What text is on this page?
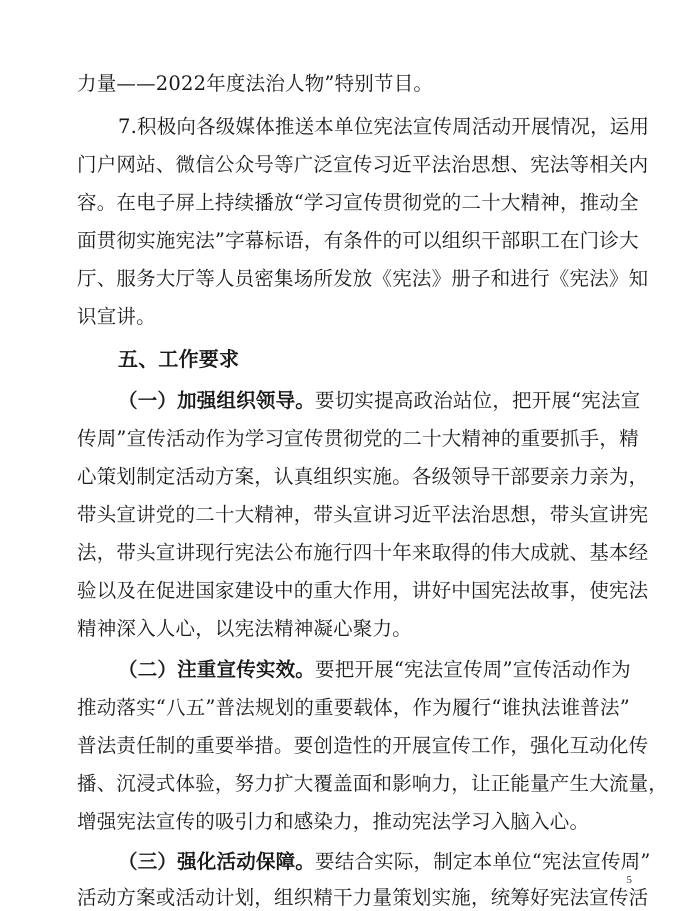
力量——2022年度法治人物”特别节目。
7.积极向各级媒体推送本单位宪法宣传周活动开展情况，运用
门户网站、微信公众号等广泛宣传习近平法治思想、宪法等相关内
容。在电子屏上持续播放“学习宣传贯彻党的二十大精神，推动全
面贯彻实施宪法”字幕标语，有条件的可以组织干部职工在门诊大
厅、服务大厅等人员密集场所发放《宪法》册子和进行《宪法》知
识宣讲。
五、工作要求
（一）加强组织领导。要切实提高政治站位，把开展“宪法宣
传周”宣传活动作为学习宣传贯彻党的二十大精神的重要抓手，精
心策划制定活动方案，认真组织实施。各级领导干部要亲力亲为，
带头宣讲党的二十大精神，带头宣讲习近平法治思想，带头宣讲宪
法，带头宣讲现行宪法公布施行四十年来取得的伟大成就、基本经
验以及在促进国家建设中的重大作用，讲好中国宪法故事，使宪法
精神深入人心，以宪法精神凝心聚力。
（二）注重宣传实效。要把开展“宪法宣传周”宣传活动作为
推动落实“八五”普法规划的重要载体，作为履行“谁执法谁普法”
普法责任制的重要举措。要创造性的开展宣传工作，强化互动化传
播、沉浸式体验，努力扩大覆盖面和影响力，让正能量产生大流量，
增强宪法宣传的吸引力和感染力，推动宪法学习入脑入心。
（三）强化活动保障。要结合实际，制定本单位“宪法宣传周”
活动方案或活动计划，组织精干力量策划实施，统筹好宪法宣传活
5
